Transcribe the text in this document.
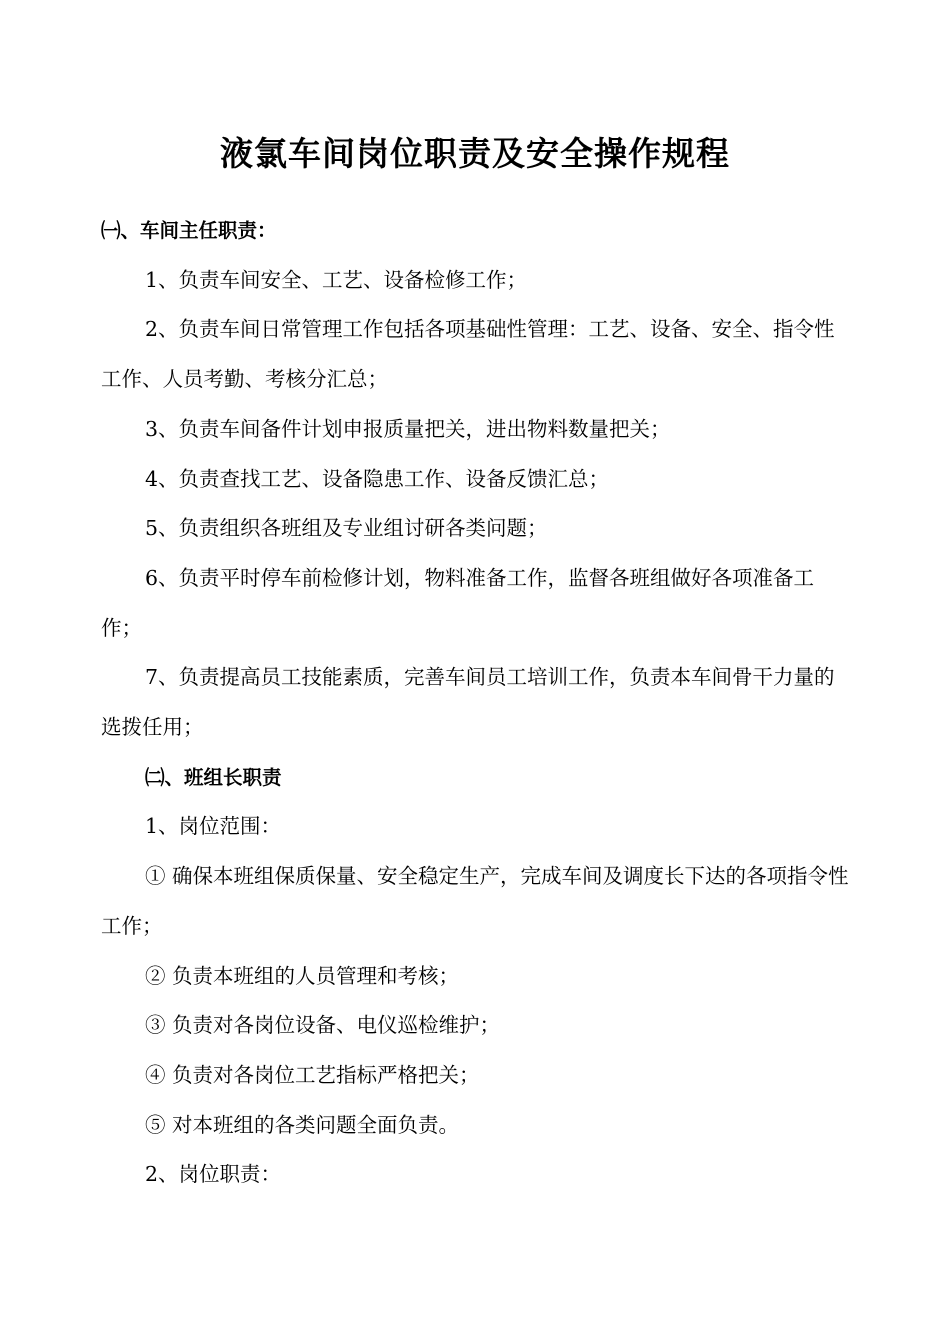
液氯车间岗位职责及安全操作规程

㈠、车间主任职责：

1、负责车间安全、工艺、设备检修工作；

2、负责车间日常管理工作包括各项基础性管理：工艺、设备、安全、指令性工作、人员考勤、考核分汇总；

3、负责车间备件计划申报质量把关，进出物料数量把关；

4、负责查找工艺、设备隐患工作、设备反馈汇总；

5、负责组织各班组及专业组讨研各类问题；

6、负责平时停车前检修计划，物料准备工作，监督各班组做好各项准备工作；

7、负责提高员工技能素质，完善车间员工培训工作，负责本车间骨干力量的选拨任用；

㈡、班组长职责

1、岗位范围：

① 确保本班组保质保量、安全稳定生产，完成车间及调度长下达的各项指令性工作；

② 负责本班组的人员管理和考核；

③ 负责对各岗位设备、电仪巡检维护；

④ 负责对各岗位工艺指标严格把关；

⑤ 对本班组的各类问题全面负责。

2、岗位职责：
